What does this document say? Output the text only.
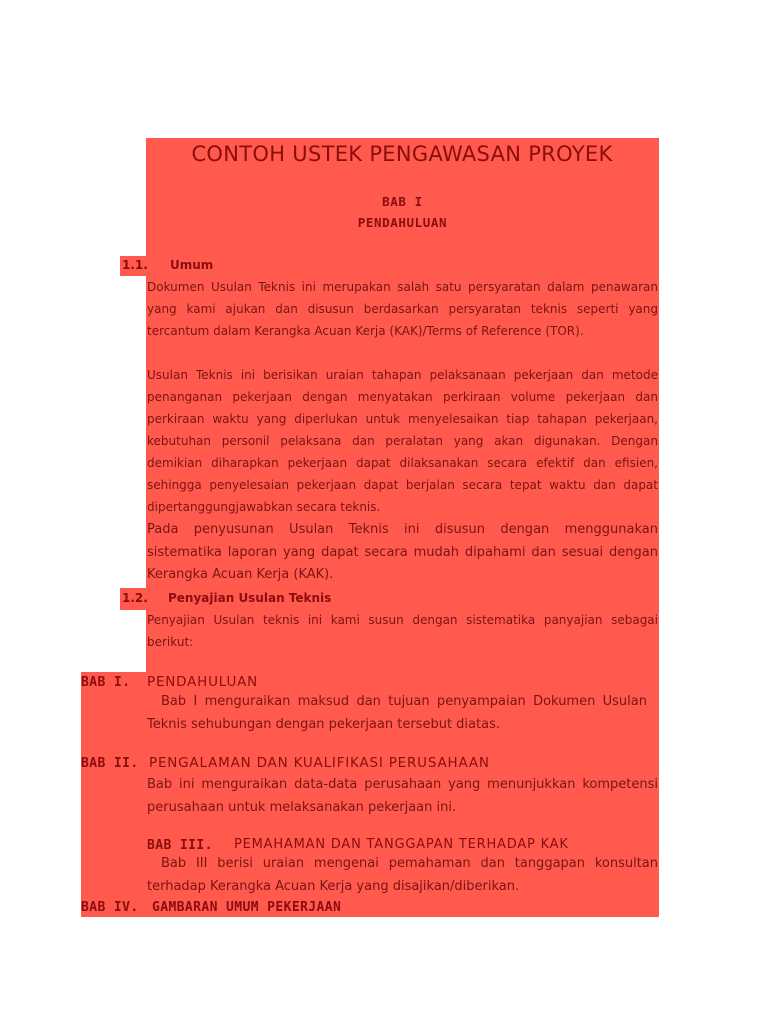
CONTOH USTEK PENGAWASAN PROYEK

BAB I

PENDAHULUAN

1.1. Umum

Dokumen Usulan Teknis ini merupakan salah satu persyaratan dalam penawaran yang kami ajukan dan disusun berdasarkan persyaratan teknis seperti yang tercantum dalam Kerangka Acuan Kerja (KAK)/Terms of Reference (TOR).

Usulan Teknis ini berisikan uraian tahapan pelaksanaan pekerjaan dan metode penanganan pekerjaan dengan menyatakan perkiraan volume pekerjaan dan perkiraan waktu yang diperlukan untuk menyelesaikan tiap tahapan pekerjaan, kebutuhan personil pelaksana dan peralatan yang akan digunakan. Dengan demikian diharapkan pekerjaan dapat dilaksanakan secara efektif dan efisien, sehingga penyelesaian pekerjaan dapat berjalan secara tepat waktu dan dapat dipertanggungjawabkan secara teknis.

Pada penyusunan Usulan Teknis ini disusun dengan menggunakan sistematika laporan yang dapat secara mudah dipahami dan sesuai dengan Kerangka Acuan Kerja (KAK).

1.2. Penyajian Usulan Teknis

Penyajian Usulan teknis ini kami susun dengan sistematika panyajian sebagai berikut:

BAB I. PENDAHULUAN

Bab I menguraikan maksud dan tujuan penyampaian Dokumen Usulan Teknis sehubungan dengan pekerjaan tersebut diatas.

BAB II. PENGALAMAN DAN KUALIFIKASI PERUSAHAAN

Bab ini menguraikan data-data perusahaan yang menunjukkan kompetensi perusahaan untuk melaksanakan pekerjaan ini.

BAB III. PEMAHAMAN DAN TANGGAPAN TERHADAP KAK

Bab III berisi uraian mengenai pemahaman dan tanggapan konsultan terhadap Kerangka Acuan Kerja yang disajikan/diberikan.

BAB IV. GAMBARAN UMUM PEKERJAAN
